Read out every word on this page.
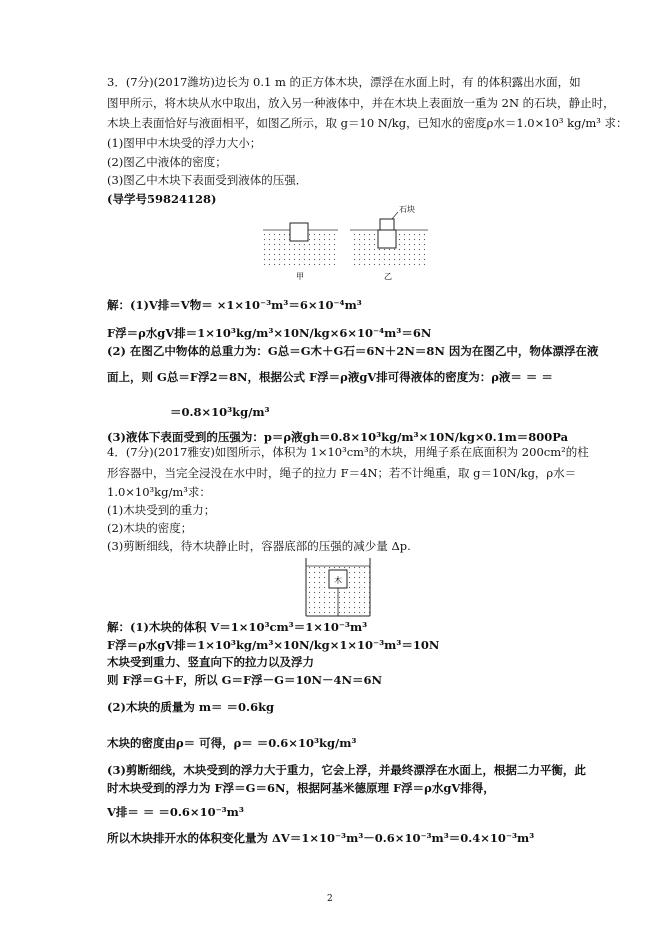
3．(7分)(2017潍坊)边长为 0.1 m 的正方体木块，漂浮在水面上时，有 的体积露出水面，如
图甲所示，将木块从水中取出，放入另一种液体中，并在木块上表面放一重为 2N 的石块，静止时，
木块上表面恰好与液面相平，如图乙所示，取 g＝10 N/kg，已知水的密度ρ水＝1.0×10³ kg/m³ 求：
(1)图甲中木块受的浮力大小；
(2)图乙中液体的密度；
(3)图乙中木块下表面受到液体的压强．
(导学号59824128)
石块
甲	乙
解：(1)V排＝V物＝ ×1×10⁻³m³＝6×10⁻⁴m³
F浮＝ρ水gV排＝1×10³kg/m³×10N/kg×6×10⁻⁴m³＝6N
(2) 在图乙中物体的总重力为：G总＝G木＋G石＝6N＋2N＝8N 因为在图乙中，物体漂浮在液
面上，则 G总＝F浮2＝8N，根据公式 F浮＝ρ液gV排可得液体的密度为：ρ液＝ ＝ ＝
＝0.8×10³kg/m³
(3)液体下表面受到的压强为：p＝ρ液gh＝0.8×10³kg/m³×10N/kg×0.1m＝800Pa
4．(7分)(2017雅安)如图所示，体积为 1×10³cm³的木块，用绳子系在底面积为 200cm²的柱
形容器中，当完全浸没在水中时，绳子的拉力 F＝4N；若不计绳重，取 g＝10N/kg，ρ水＝
1.0×10³kg/m³求：
(1)木块受到的重力；
(2)木块的密度；
(3)剪断细线，待木块静止时，容器底部的压强的减少量 Δp.
木
解：(1)木块的体积 V＝1×10³cm³＝1×10⁻³m³
F浮＝ρ水gV排＝1×10³kg/m³×10N/kg×1×10⁻³m³＝10N
木块受到重力、竖直向下的拉力以及浮力
则 F浮＝G＋F，所以 G＝F浮－G＝10N－4N＝6N
(2)木块的质量为 m＝ ＝0.6kg
木块的密度由ρ＝ 可得，ρ＝ ＝0.6×10³kg/m³
(3)剪断细线，木块受到的浮力大于重力，它会上浮，并最终漂浮在水面上，根据二力平衡，此
时木块受到的浮力为 F浮＝G＝6N，根据阿基米德原理 F浮＝ρ水gV排得，
V排＝ ＝ ＝0.6×10⁻³m³
所以木块排开水的体积变化量为 ΔV＝1×10⁻³m³－0.6×10⁻³m³＝0.4×10⁻³m³
2
